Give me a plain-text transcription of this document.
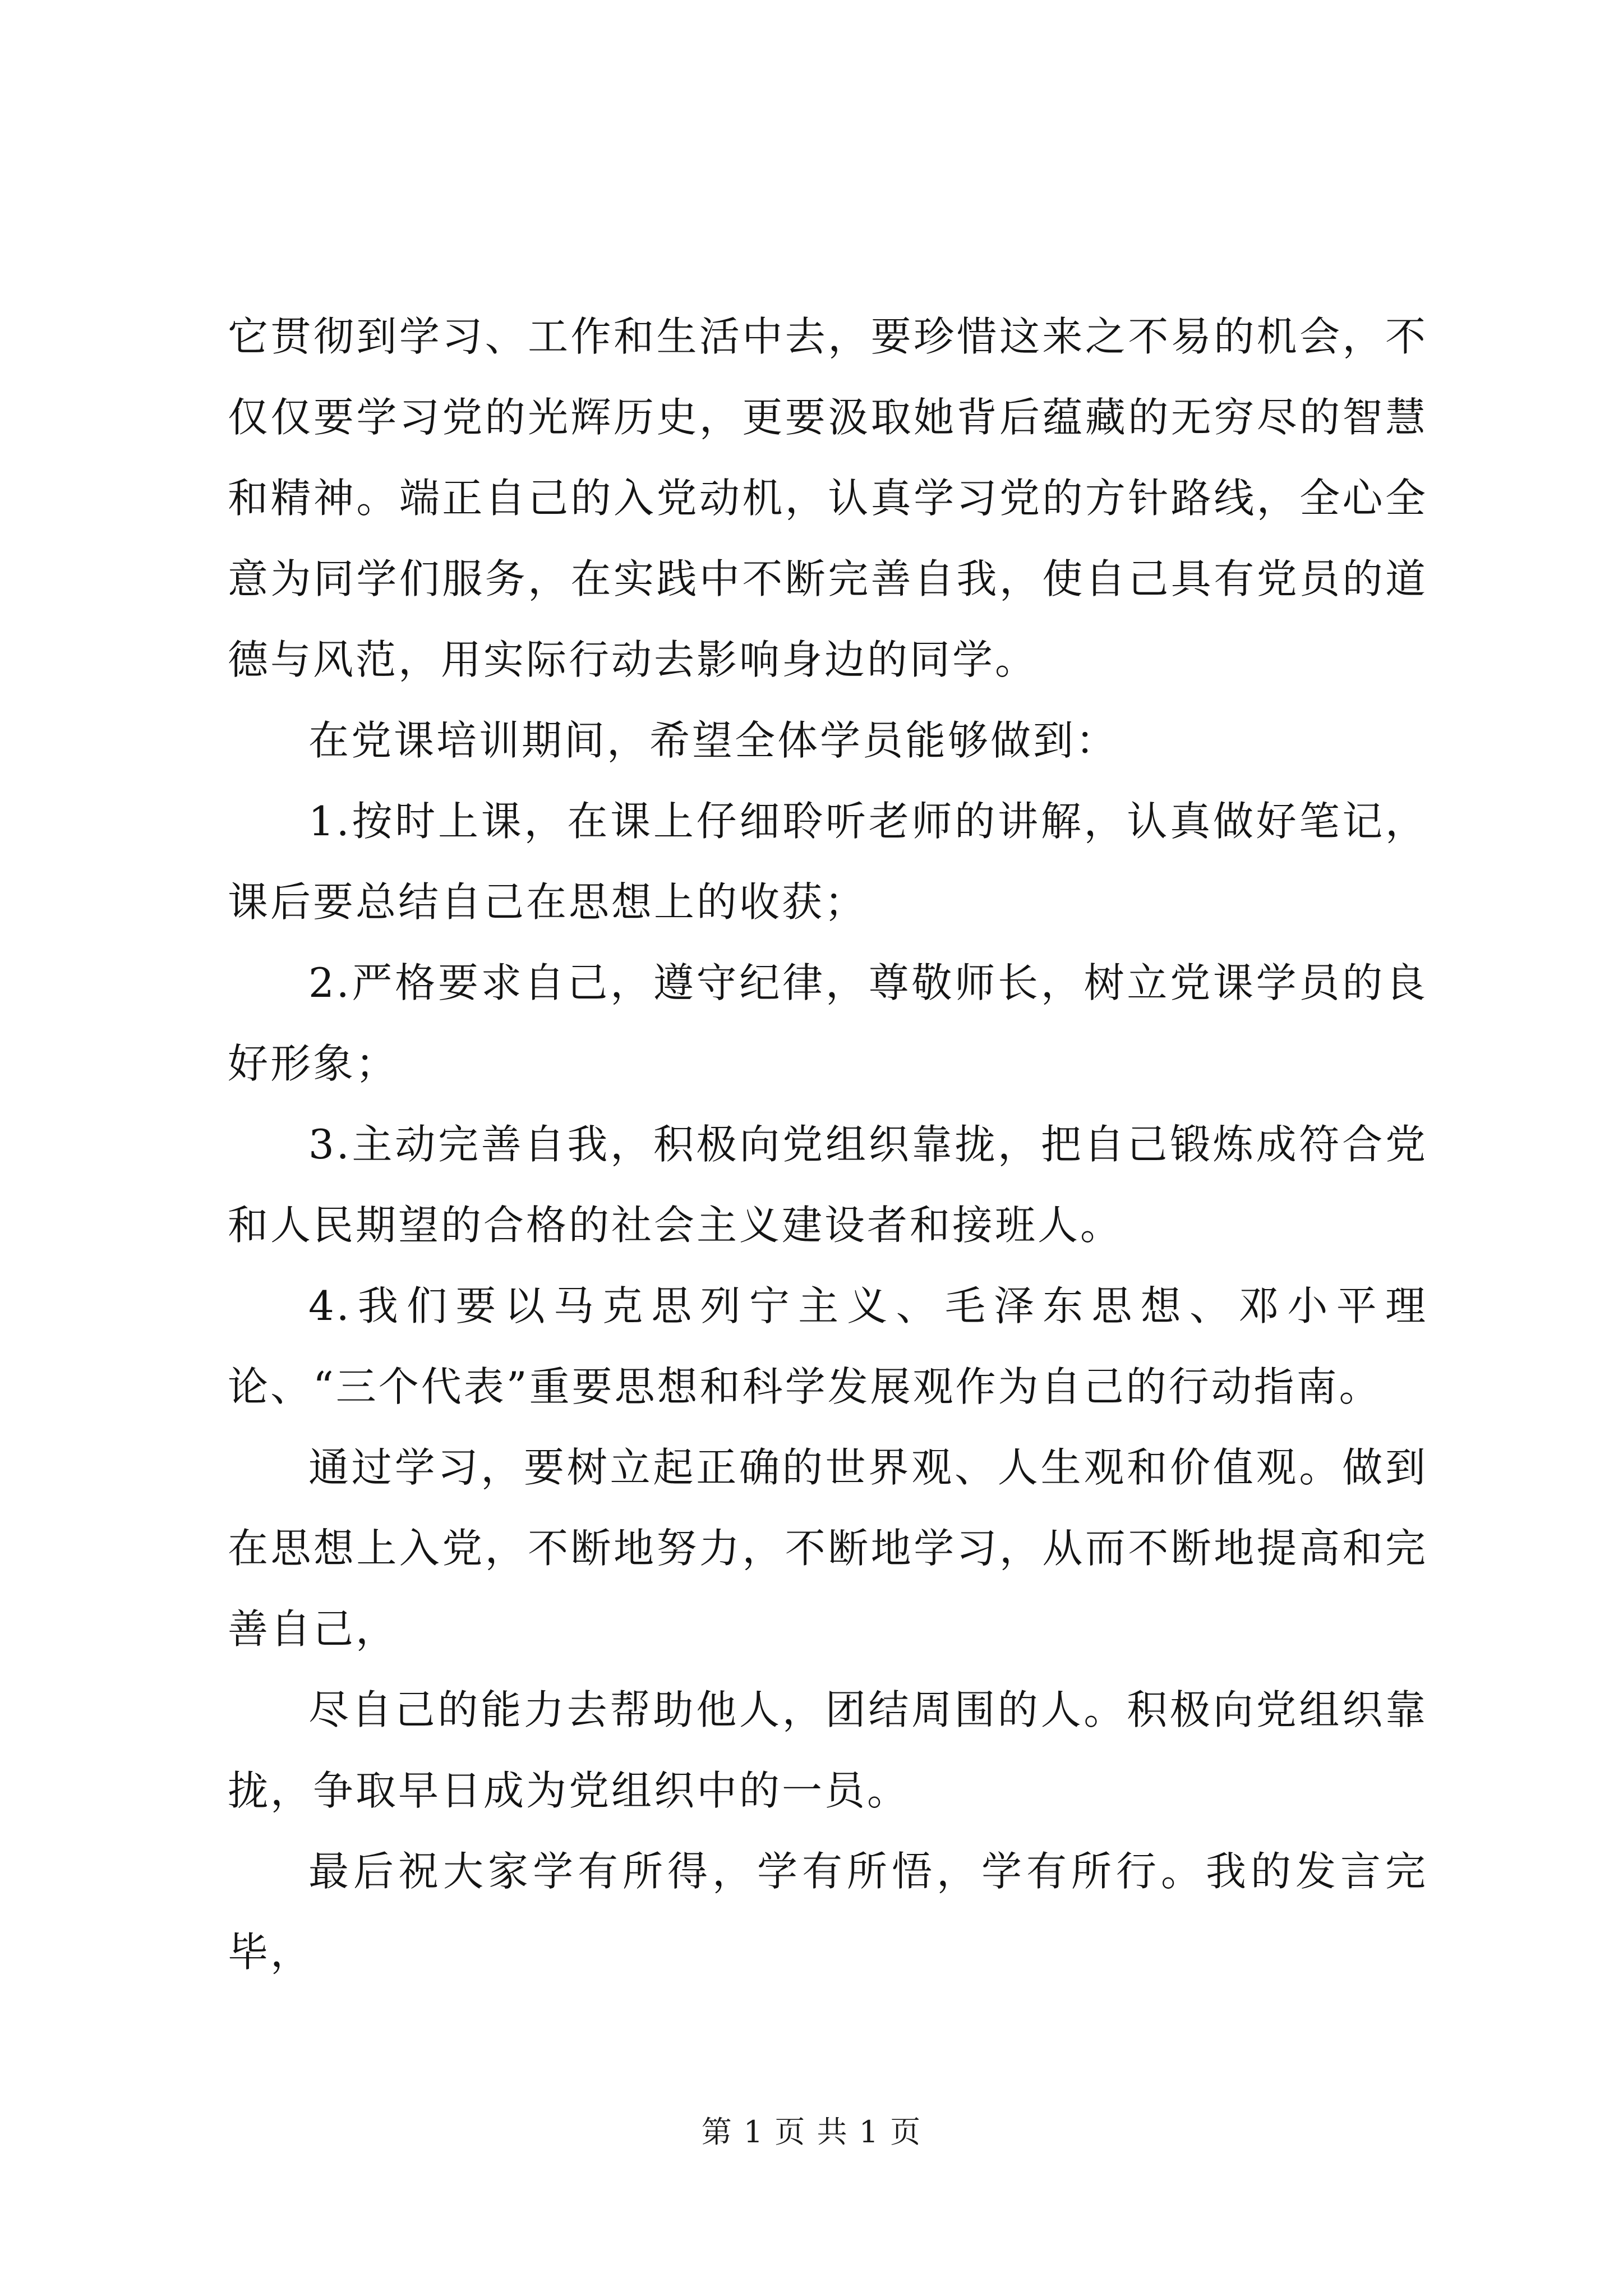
它贯彻到学习、工作和生活中去，要珍惜这来之不易的机会，不仅仅要学习党的光辉历史，更要汲取她背后蕴藏的无穷尽的智慧和精神。端正自己的入党动机，认真学习党的方针路线，全心全意为同学们服务，在实践中不断完善自我，使自己具有党员的道德与风范，用实际行动去影响身边的同学。

在党课培训期间，希望全体学员能够做到：

1.按时上课，在课上仔细聆听老师的讲解，认真做好笔记，课后要总结自己在思想上的收获；

2.严格要求自己，遵守纪律，尊敬师长，树立党课学员的良好形象；

3.主动完善自我，积极向党组织靠拢，把自己锻炼成符合党和人民期望的合格的社会主义建设者和接班人。

4.我们要以马克思列宁主义、毛泽东思想、邓小平理论、“三个代表”重要思想和科学发展观作为自己的行动指南。

通过学习，要树立起正确的世界观、人生观和价值观。做到在思想上入党，不断地努力，不断地学习，从而不断地提高和完善自己，

尽自己的能力去帮助他人，团结周围的人。积极向党组织靠拢，争取早日成为党组织中的一员。

最后祝大家学有所得，学有所悟，学有所行。我的发言完毕，

第 1 页 共 1 页
